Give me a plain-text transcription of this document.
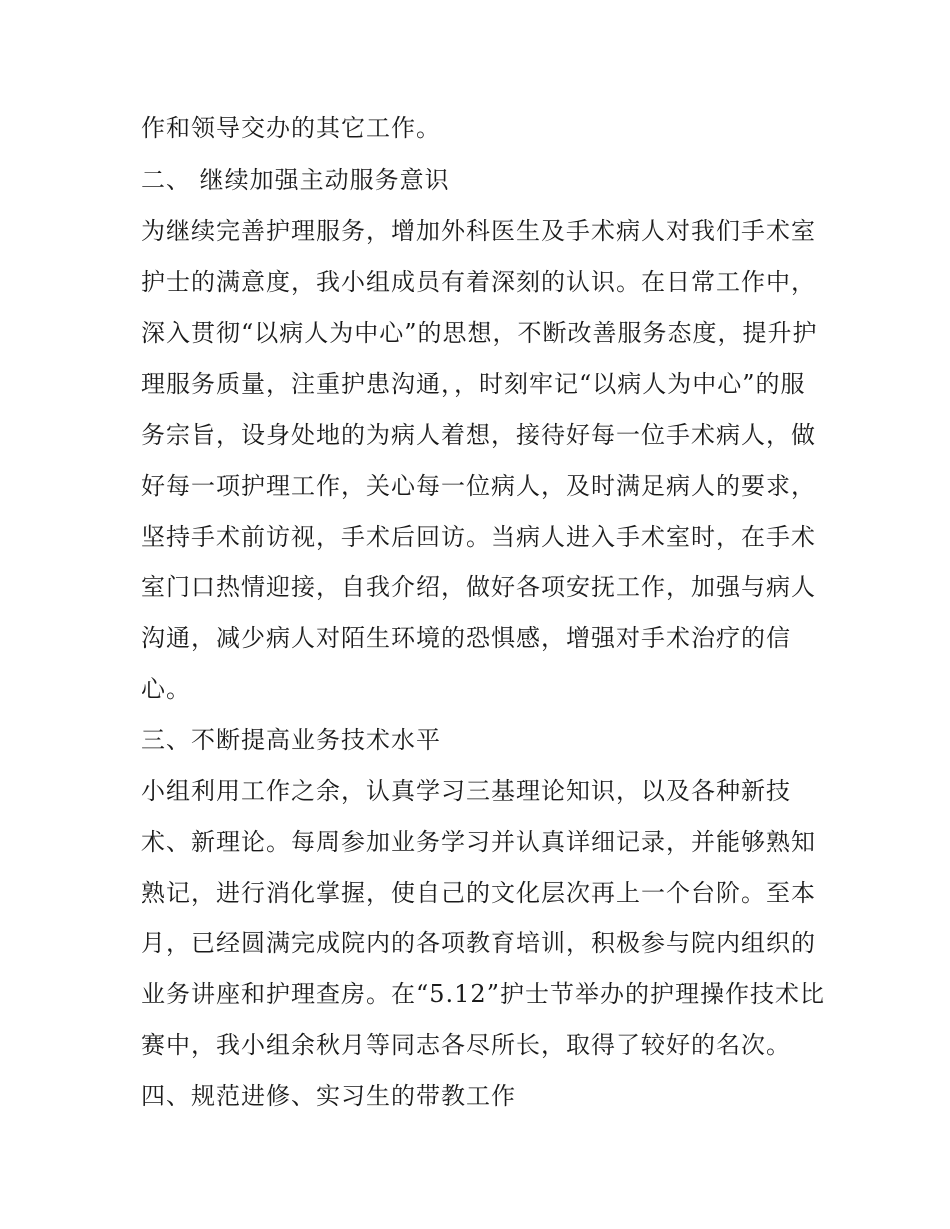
作和领导交办的其它工作。
二、 继续加强主动服务意识
为继续完善护理服务，增加外科医生及手术病人对我们手术室
护士的满意度，我小组成员有着深刻的认识。在日常工作中，
深入贯彻“以病人为中心”的思想，不断改善服务态度，提升护
理服务质量，注重护患沟通，，时刻牢记“以病人为中心”的服
务宗旨，设身处地的为病人着想，接待好每一位手术病人，做
好每一项护理工作，关心每一位病人，及时满足病人的要求，
坚持手术前访视，手术后回访。当病人进入手术室时，在手术
室门口热情迎接，自我介绍，做好各项安抚工作，加强与病人
沟通，减少病人对陌生环境的恐惧感，增强对手术治疗的信
心。
三、不断提高业务技术水平
小组利用工作之余，认真学习三基理论知识，以及各种新技
术、新理论。每周参加业务学习并认真详细记录，并能够熟知
熟记，进行消化掌握，使自己的文化层次再上一个台阶。至本
月，已经圆满完成院内的各项教育培训，积极参与院内组织的
业务讲座和护理查房。在“5.12”护士节举办的护理操作技术比
赛中，我小组余秋月等同志各尽所长，取得了较好的名次。
四、规范进修、实习生的带教工作
